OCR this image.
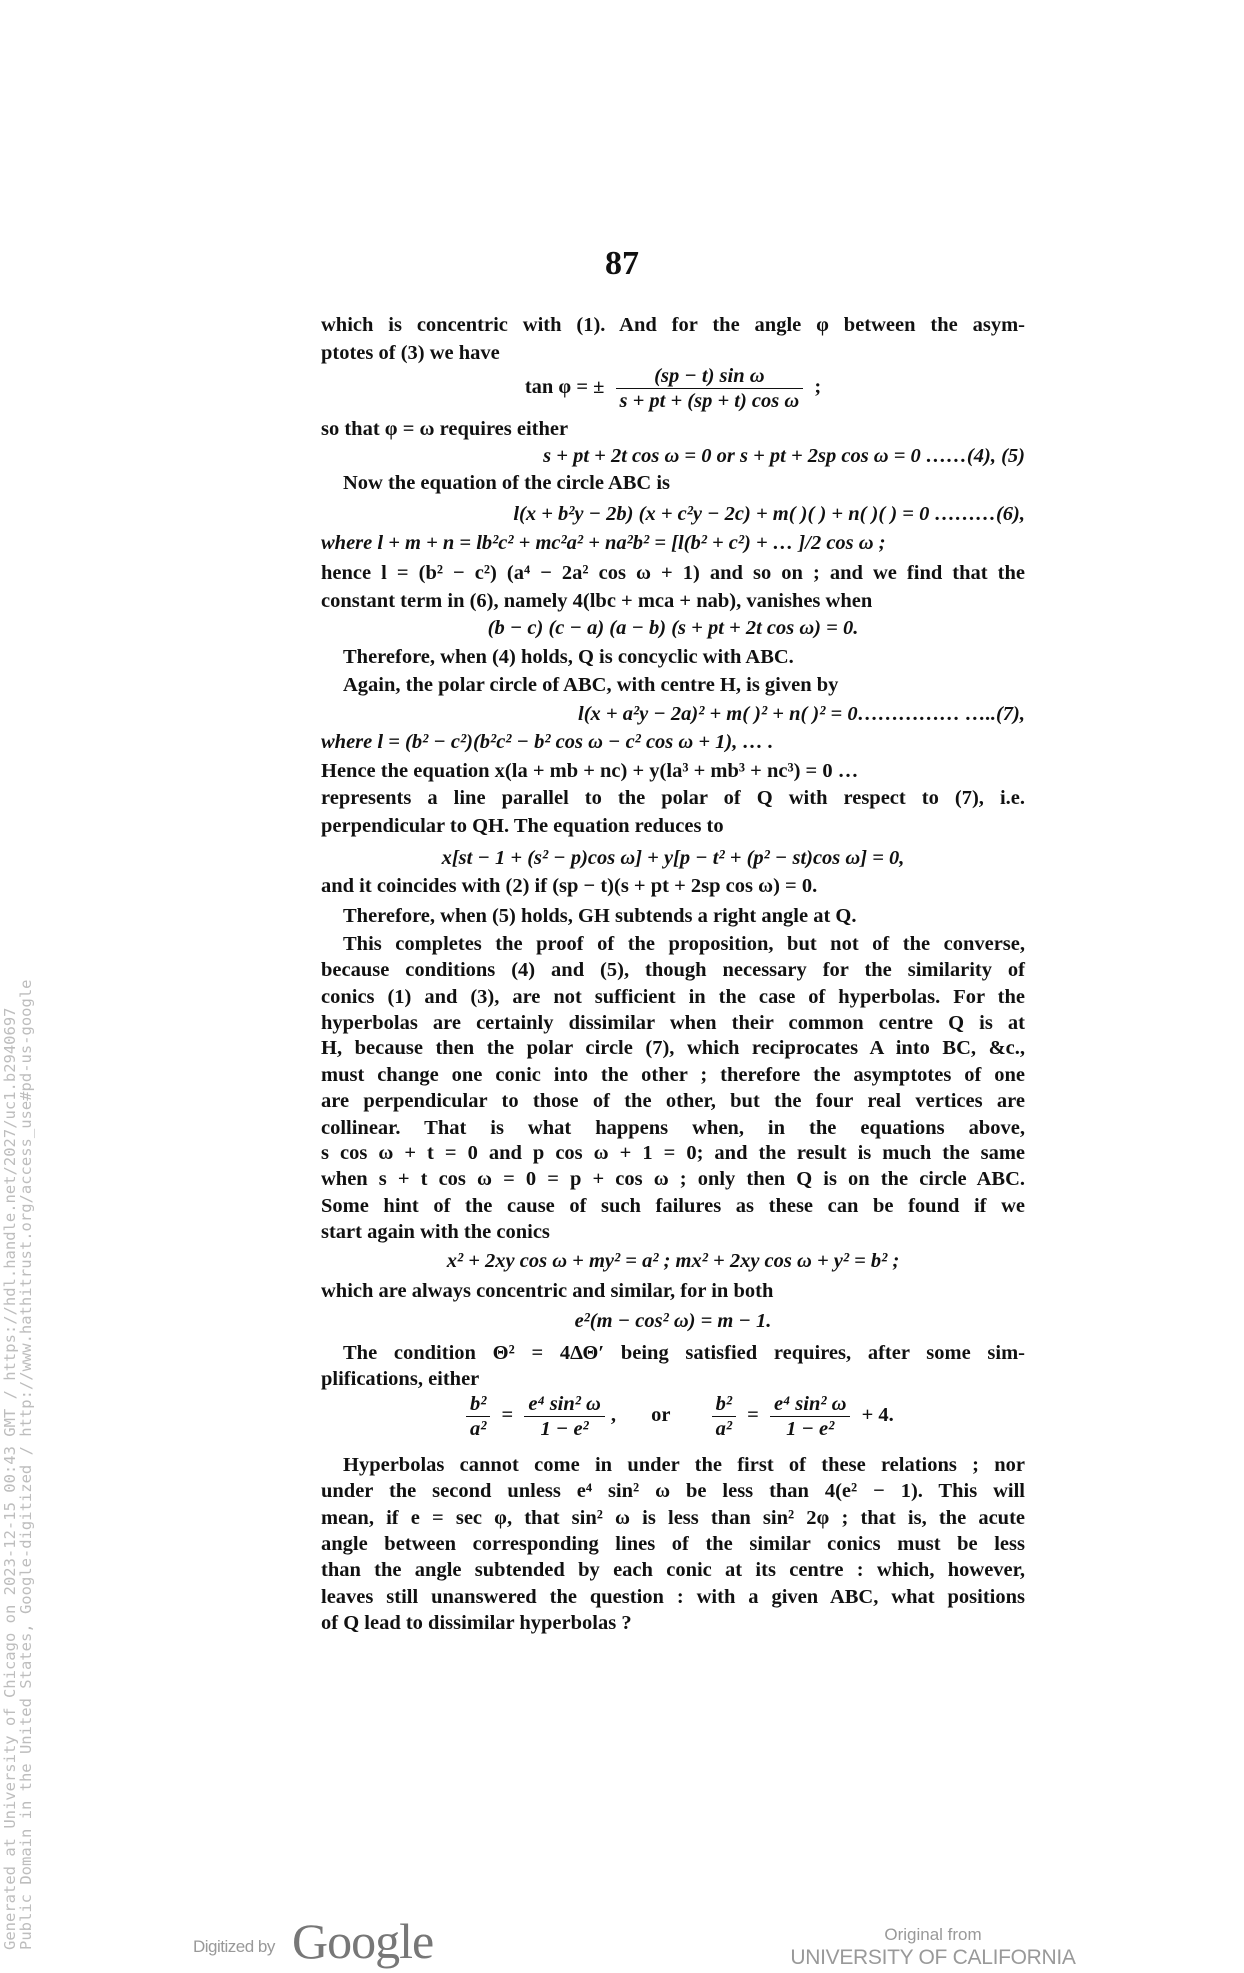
87
which is concentric with (1). And for the angle φ between the asym-
ptotes of (3) we have
tan φ = ± $\frac{\text{(sp − t) sin ω}}{\text{s + pt + (sp + t) cos ω}}$ ;
so that φ = ω requires either
s + pt + 2t cos ω = 0 or s + pt + 2sp cos ω = 0 ……(4), (5)
Now the equation of the circle ABC is
l(x + b²y − 2b) (x + c²y − 2c) + m( )( ) + n( )( ) = 0 ………(6),
where l + m + n = lb²c² + mc²a² + na²b² = [l(b² + c²) + … ]/2 cos ω ;
hence l = (b² − c²) (a⁴ − 2a² cos ω + 1) and so on ; and we find that the
constant term in (6), namely 4(lbc + mca + nab), vanishes when
(b − c) (c − a) (a − b) (s + pt + 2t cos ω) = 0.
Therefore, when (4) holds, Q is concyclic with ABC.
Again, the polar circle of ABC, with centre H, is given by
l(x + a²y − 2a)² + m( )² + n( )² = 0…………… …..(7),
where l = (b² − c²)(b²c² − b² cos ω − c² cos ω + 1), … .
Hence the equation x(la + mb + nc) + y(la³ + mb³ + nc³) = 0 …
represents a line parallel to the polar of Q with respect to (7), i.e.
perpendicular to QH. The equation reduces to
x[st − 1 + (s² − p)cos ω] + y[p − t² + (p² − st)cos ω] = 0,
and it coincides with (2) if (sp − t)(s + pt + 2sp cos ω) = 0.
Therefore, when (5) holds, GH subtends a right angle at Q.
This completes the proof of the proposition, but not of the converse,
because conditions (4) and (5), though necessary for the similarity of
conics (1) and (3), are not sufficient in the case of hyperbolas. For the
hyperbolas are certainly dissimilar when their common centre Q is at
H, because then the polar circle (7), which reciprocates A into BC, &c.,
must change one conic into the other ; therefore the asymptotes of one
are perpendicular to those of the other, but the four real vertices are
collinear. That is what happens when, in the equations above,
s cos ω + t = 0 and p cos ω + 1 = 0; and the result is much the same
when s + t cos ω = 0 = p + cos ω ; only then Q is on the circle ABC.
Some hint of the cause of such failures as these can be found if we
start again with the conics
x² + 2xy cos ω + my² = a² ; mx² + 2xy cos ω + y² = b² ;
which are always concentric and similar, for in both
e²(m − cos² ω) = m − 1.
The condition Θ² = 4ΔΘ′ being satisfied requires, after some sim-
plifications, either
$\frac{\text{b²}}{\text{a²}} = \frac{\text{e⁴ sin² ω}}{\text{1 − e²}}$ , or $\frac{\text{b²}}{\text{a²}} = \frac{\text{e⁴ sin² ω}}{\text{1 − e²}} + 4$.
Hyperbolas cannot come in under the first of these relations ; nor
under the second unless e⁴ sin² ω be less than 4(e² − 1). This will
mean, if e = sec φ, that sin² ω is less than sin² 2φ ; that is, the acute
angle between corresponding lines of the similar conics must be less
than the angle subtended by each conic at its centre : which, however,
leaves still unanswered the question : with a given ABC, what positions
of Q lead to dissimilar hyperbolas ?
Generated at University of Chicago on 2023-12-15 00:43 GMT / https://hdl.handle.net/2027/uc1.b2940697
Public Domain in the United States, Google-digitized / http://www.hathitrust.org/access_use#pd-us-google	Digitized by Google	Original from
UNIVERSITY OF CALIFORNIA
